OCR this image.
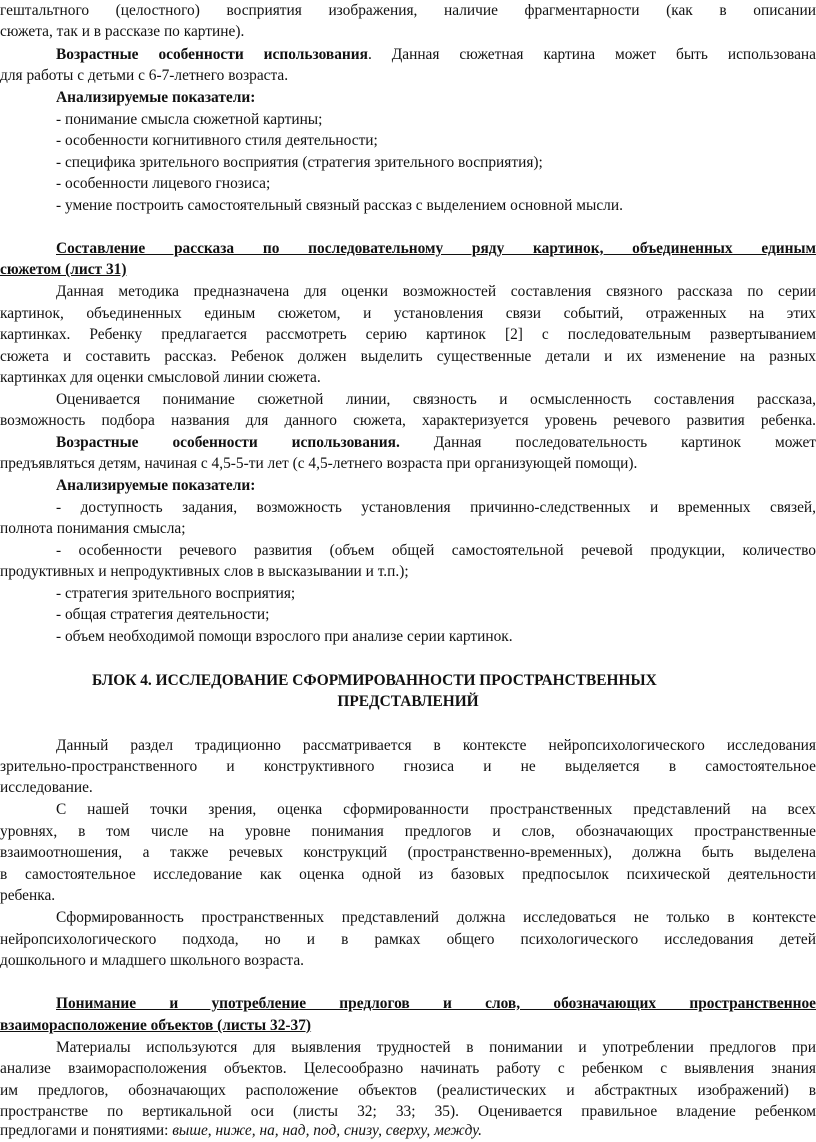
гештальтного (целостного) восприятия изображения, наличие фрагментарности (как в описании
сюжета, так и в рассказе по картине).
Возрастные особенности использования. Данная сюжетная картина может быть использована
для работы с детьми с 6-7-летнего возраста.
Анализируемые показатели:
- понимание смысла сюжетной картины;
- особенности когнитивного стиля деятельности;
- специфика зрительного восприятия (стратегия зрительного восприятия);
- особенности лицевого гнозиса;
- умение построить самостоятельный связный рассказ с выделением основной мысли.
Составление рассказа по последовательному ряду картинок, объединенных единым
сюжетом (лист 31)
Данная методика предназначена для оценки возможностей составления связного рассказа по серии
картинок, объединенных единым сюжетом, и установления связи событий, отраженных на этих
картинках. Ребенку предлагается рассмотреть серию картинок [2] с последовательным развертыванием
сюжета и составить рассказ. Ребенок должен выделить существенные детали и их изменение на разных
картинках для оценки смысловой линии сюжета.
Оценивается понимание сюжетной линии, связность и осмысленность составления рассказа,
возможность подбора названия для данного сюжета, характеризуется уровень речевого развития ребенка.
Возрастные особенности использования. Данная последовательность картинок может
предъявляться детям, начиная с 4,5-5-ти лет (с 4,5-летнего возраста при организующей помощи).
Анализируемые показатели:
- доступность задания, возможность установления причинно-следственных и временных связей,
полнота понимания смысла;
- особенности речевого развития (объем общей самостоятельной речевой продукции, количество
продуктивных и непродуктивных слов в высказывании и т.п.);
- стратегия зрительного восприятия;
- общая стратегия деятельности;
- объем необходимой помощи взрослого при анализе серии картинок.
БЛОК 4. ИССЛЕДОВАНИЕ СФОРМИРОВАННОСТИ ПРОСТРАНСТВЕННЫХ
ПРЕДСТАВЛЕНИЙ
Данный раздел традиционно рассматривается в контексте нейропсихологического исследования
зрительно-пространственного и конструктивного гнозиса и не выделяется в самостоятельное
исследование.
С нашей точки зрения, оценка сформированности пространственных представлений на всех
уровнях, в том числе на уровне понимания предлогов и слов, обозначающих пространственные
взаимоотношения, а также речевых конструкций (пространственно-временных), должна быть выделена
в самостоятельное исследование как оценка одной из базовых предпосылок психической деятельности
ребенка.
Сформированность пространственных представлений должна исследоваться не только в контексте
нейропсихологического подхода, но и в рамках общего психологического исследования детей
дошкольного и младшего школьного возраста.
Понимание и употребление предлогов и слов, обозначающих пространственное
взаиморасположение объектов (листы 32-37)
Материалы используются для выявления трудностей в понимании и употреблении предлогов при
анализе взаиморасположения объектов. Целесообразно начинать работу с ребенком с выявления знания
им предлогов, обозначающих расположение объектов (реалистических и абстрактных изображений) в
пространстве по вертикальной оси (листы 32; 33; 35). Оценивается правильное владение ребенком
предлогами и понятиями: выше, ниже, на, над, под, снизу, сверху, между.
